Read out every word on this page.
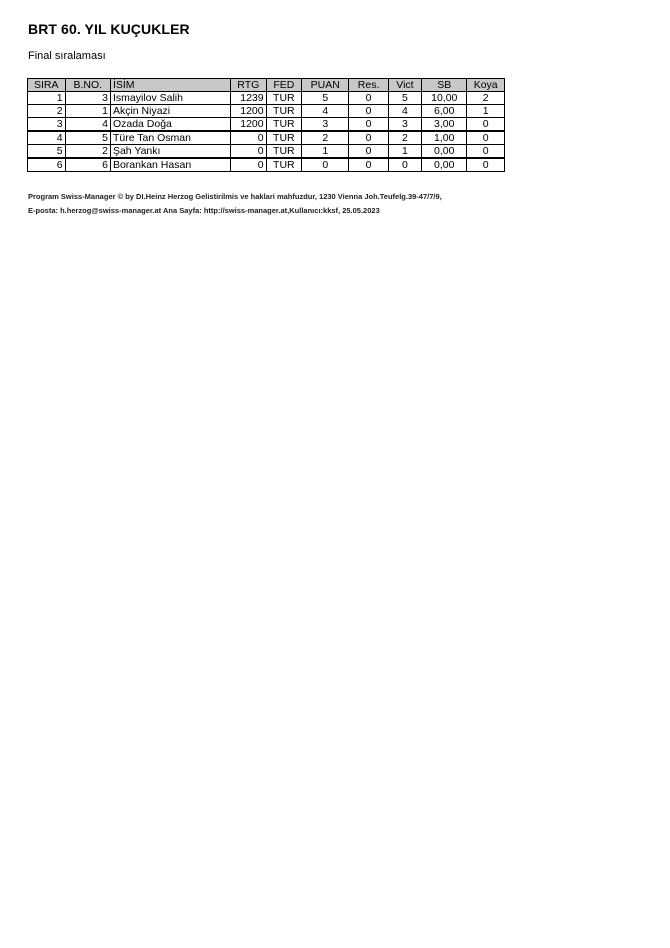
BRT 60. YIL KUÇUKLER
Final sıralaması
SIRA	B.NO.	İSİM	RTG	FED	PUAN	Res.	Vict	SB	Koya
1	3	Ismayilov Salih	1239	TUR	5	0	5	10,00	2
2	1	Akçin Niyazi	1200	TUR	4	0	4	6,00	1
3	4	Ozada Doğa	1200	TUR	3	0	3	3,00	0
4	5	Türe Tan Osman	0	TUR	2	0	2	1,00	0
5	2	Şah Yankı	0	TUR	1	0	1	0,00	0
6	6	Borankan Hasan	0	TUR	0	0	0	0,00	0
Program Swiss-Manager © by DI.Heinz Herzog Gelistirilmis ve haklari mahfuzdur, 1230 Vienna Joh.Teufelg.39-47/7/9,
E-posta: h.herzog@swiss-manager.at Ana Sayfa: http://swiss-manager.at,Kullanıcı:kksf, 25.05.2023
